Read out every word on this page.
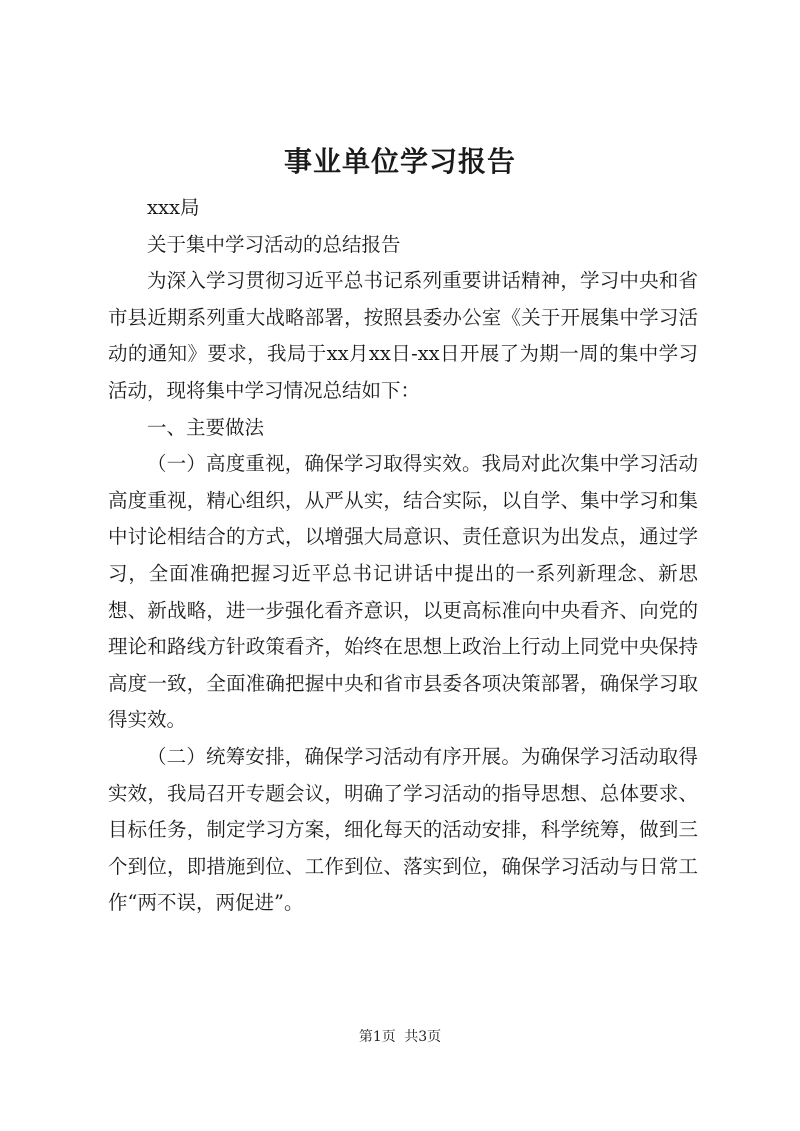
事业单位学习报告

xxx局

关于集中学习活动的总结报告

为深入学习贯彻习近平总书记系列重要讲话精神，学习中央和省市县近期系列重大战略部署，按照县委办公室《关于开展集中学习活动的通知》要求，我局于xx月xx日-xx日开展了为期一周的集中学习活动，现将集中学习情况总结如下：

一、主要做法

（一）高度重视，确保学习取得实效。我局对此次集中学习活动高度重视，精心组织，从严从实，结合实际，以自学、集中学习和集中讨论相结合的方式，以增强大局意识、责任意识为出发点，通过学习，全面准确把握习近平总书记讲话中提出的一系列新理念、新思想、新战略，进一步强化看齐意识，以更高标准向中央看齐、向党的理论和路线方针政策看齐，始终在思想上政治上行动上同党中央保持高度一致，全面准确把握中央和省市县委各项决策部署，确保学习取得实效。

（二）统筹安排，确保学习活动有序开展。为确保学习活动取得实效，我局召开专题会议，明确了学习活动的指导思想、总体要求、目标任务，制定学习方案，细化每天的活动安排，科学统筹，做到三个到位，即措施到位、工作到位、落实到位，确保学习活动与日常工作“两不误，两促进”。

第1页 共3页
